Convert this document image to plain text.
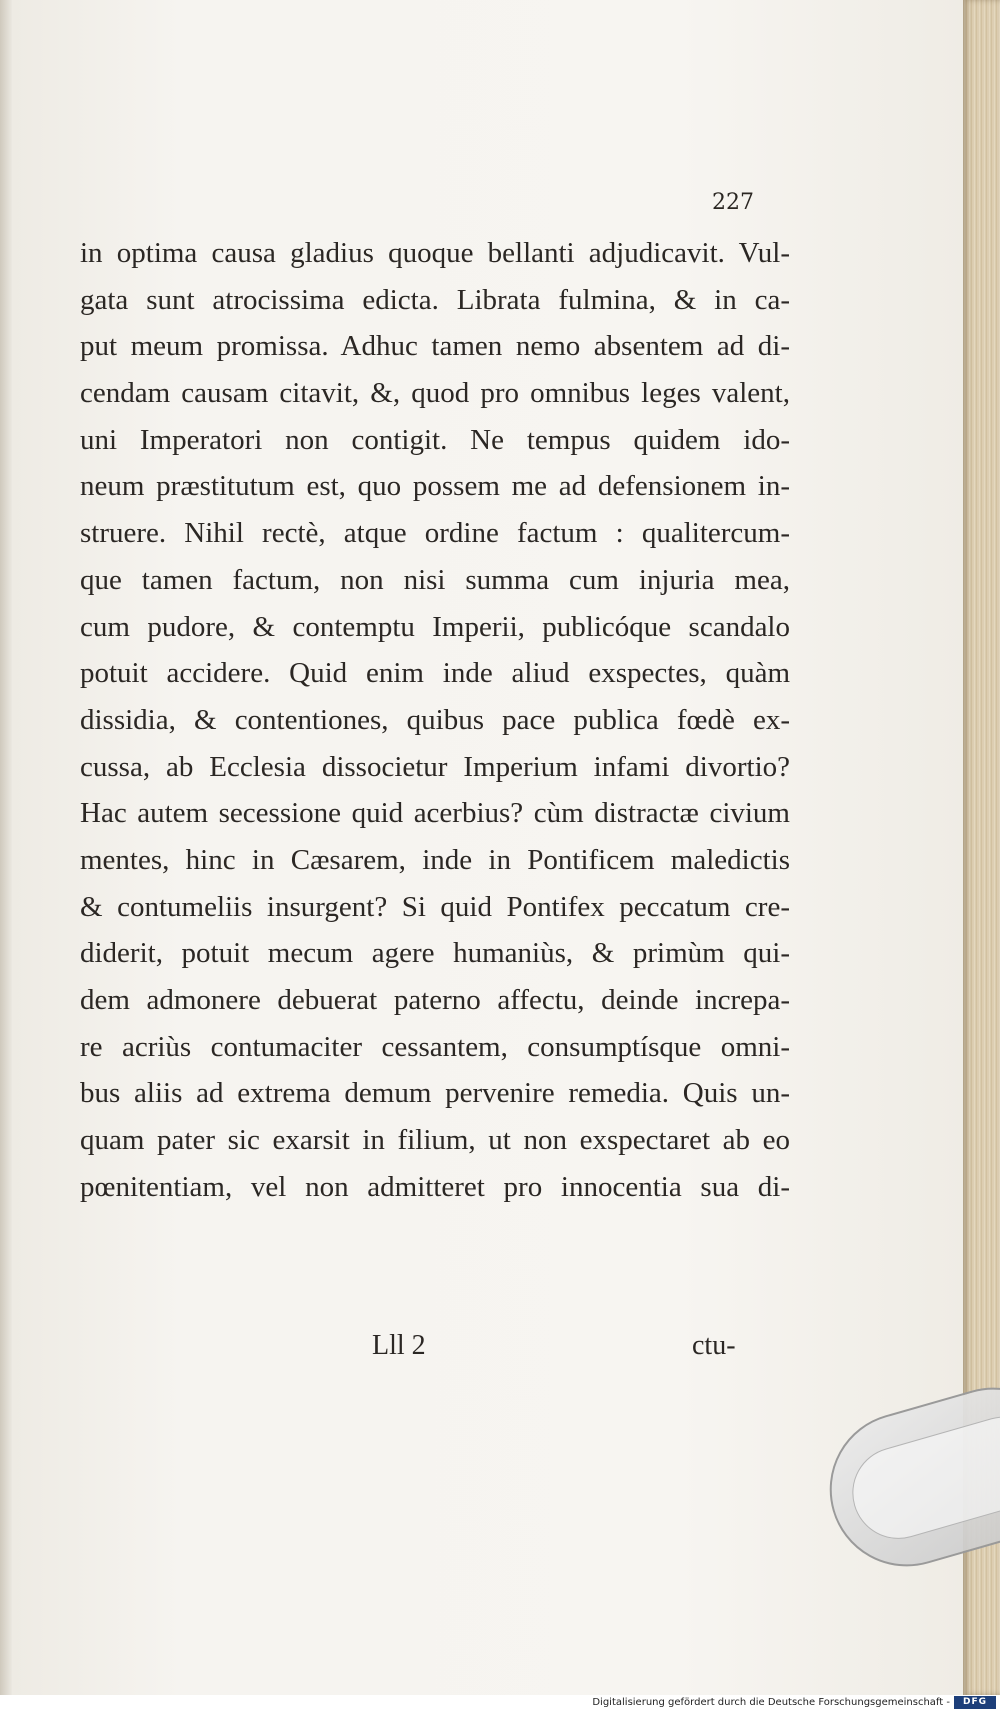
227
in optima causa gladius quoque bellanti adjudicavit. Vul-
gata sunt atrocissima edicta. Librata fulmina, & in ca-
put meum promissa. Adhuc tamen nemo absentem ad di-
cendam causam citavit, &, quod pro omnibus leges valent,
uni Imperatori non contigit. Ne tempus quidem ido-
neum præstitutum est, quo possem me ad defensionem in-
struere. Nihil rectè, atque ordine factum : qualitercum-
que tamen factum, non nisi summa cum injuria mea,
cum pudore, & contemptu Imperii, publicóque scandalo
potuit accidere. Quid enim inde aliud exspectes, quàm
dissidia, & contentiones, quibus pace publica fœdè ex-
cussa, ab Ecclesia dissocietur Imperium infami divortio?
Hac autem secessione quid acerbius? cùm distractæ civium
mentes, hinc in Cæsarem, inde in Pontificem maledictis
& contumeliis insurgent? Si quid Pontifex peccatum cre-
diderit, potuit mecum agere humaniùs, & primùm qui-
dem admonere debuerat paterno affectu, deinde increpa-
re acriùs contumaciter cessantem, consumptísque omni-
bus aliis ad extrema demum pervenire remedia. Quis un-
quam pater sic exarsit in filium, ut non exspectaret ab eo
pœnitentiam, vel non admitteret pro innocentia sua di-
Lll 2	ctu-
Digitalisierung gefördert durch die Deutsche Forschungsgemeinschaft -	DFG
